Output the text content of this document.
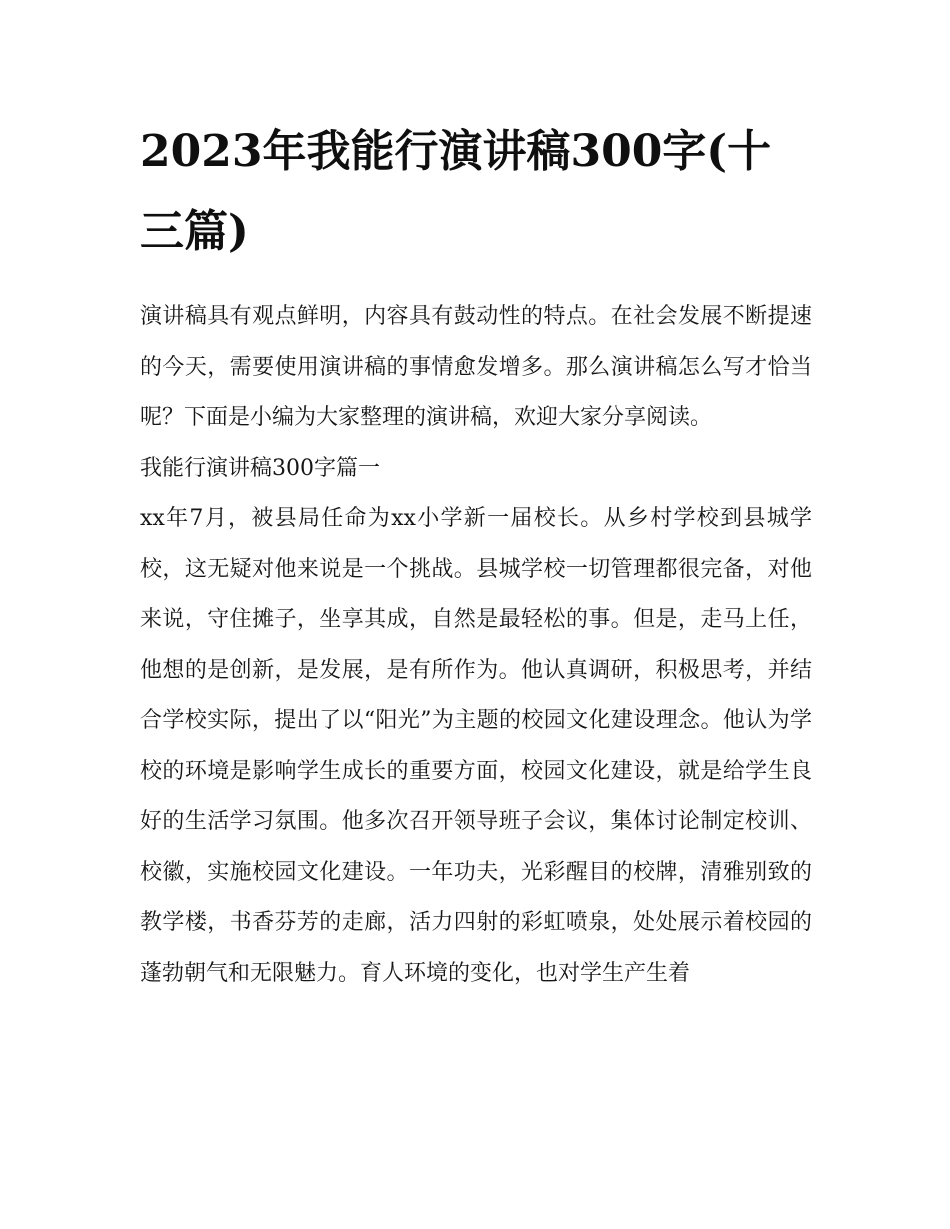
2023年我能行演讲稿300字(十三篇)

演讲稿具有观点鲜明，内容具有鼓动性的特点。在社会发展不断提速的今天，需要使用演讲稿的事情愈发增多。那么演讲稿怎么写才恰当呢？下面是小编为大家整理的演讲稿，欢迎大家分享阅读。

我能行演讲稿300字篇一

xx年7月，被县局任命为xx小学新一届校长。从乡村学校到县城学校，这无疑对他来说是一个挑战。县城学校一切管理都很完备，对他来说，守住摊子，坐享其成，自然是最轻松的事。但是，走马上任，他想的是创新，是发展，是有所作为。他认真调研，积极思考，并结合学校实际，提出了以“阳光”为主题的校园文化建设理念。他认为学校的环境是影响学生成长的重要方面，校园文化建设，就是给学生良好的生活学习氛围。他多次召开领导班子会议，集体讨论制定校训、校徽，实施校园文化建设。一年功夫，光彩醒目的校牌，清雅别致的教学楼，书香芬芳的走廊，活力四射的彩虹喷泉，处处展示着校园的蓬勃朝气和无限魅力。育人环境的变化，也对学生产生着
